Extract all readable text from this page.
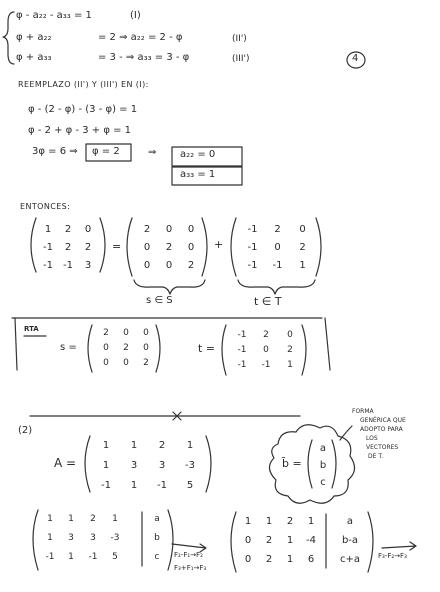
φ - a₂₂ - a₃₃ = 1	(I)
φ + a₂₂	= 2 ⇒ a₂₂ = 2 - φ	(II')
φ + a₃₃	= 3 - ⇒ a₃₃ = 3 - φ	(III')	4
REEMPLAZO (II') Y (III') EN (I):
φ - (2 - φ) - (3 - φ) = 1
φ - 2 + φ - 3 + φ = 1
3φ = 6 ⇒ φ = 2	⇒ a₂₂ = 0
a₃₃ = 1
ENTONCES:
1	2	0
-1	2	2
-1	-1	3
=
2	0	0
0	2	0
0	0	2
+
-1	2	0
-1	0	2
-1	-1	1
s ∈ S	t ∈ T
RTA
s =
2	0	0
0	2	0
0	0	2
t =
-1	2	0
-1	0	2
-1	-1	1
(2)
A =
1	1	2	1
1	3	3	-3
-1	1	-1	5
b̄ =
a
b
c
FORMA
GENÉRICA QUE
ADOPTO PARA
LOS
VECTORES
DE T.
1	1	2	1	a
1	3	3	-3	b
-1	1	-1	5	c	F₂-F₁→F₂
F₃+F₁→F₃
1	1	2	1	a
0	2	1	-4	b-a
0	2	1	6	c+a	F₃-F₂→F₃
